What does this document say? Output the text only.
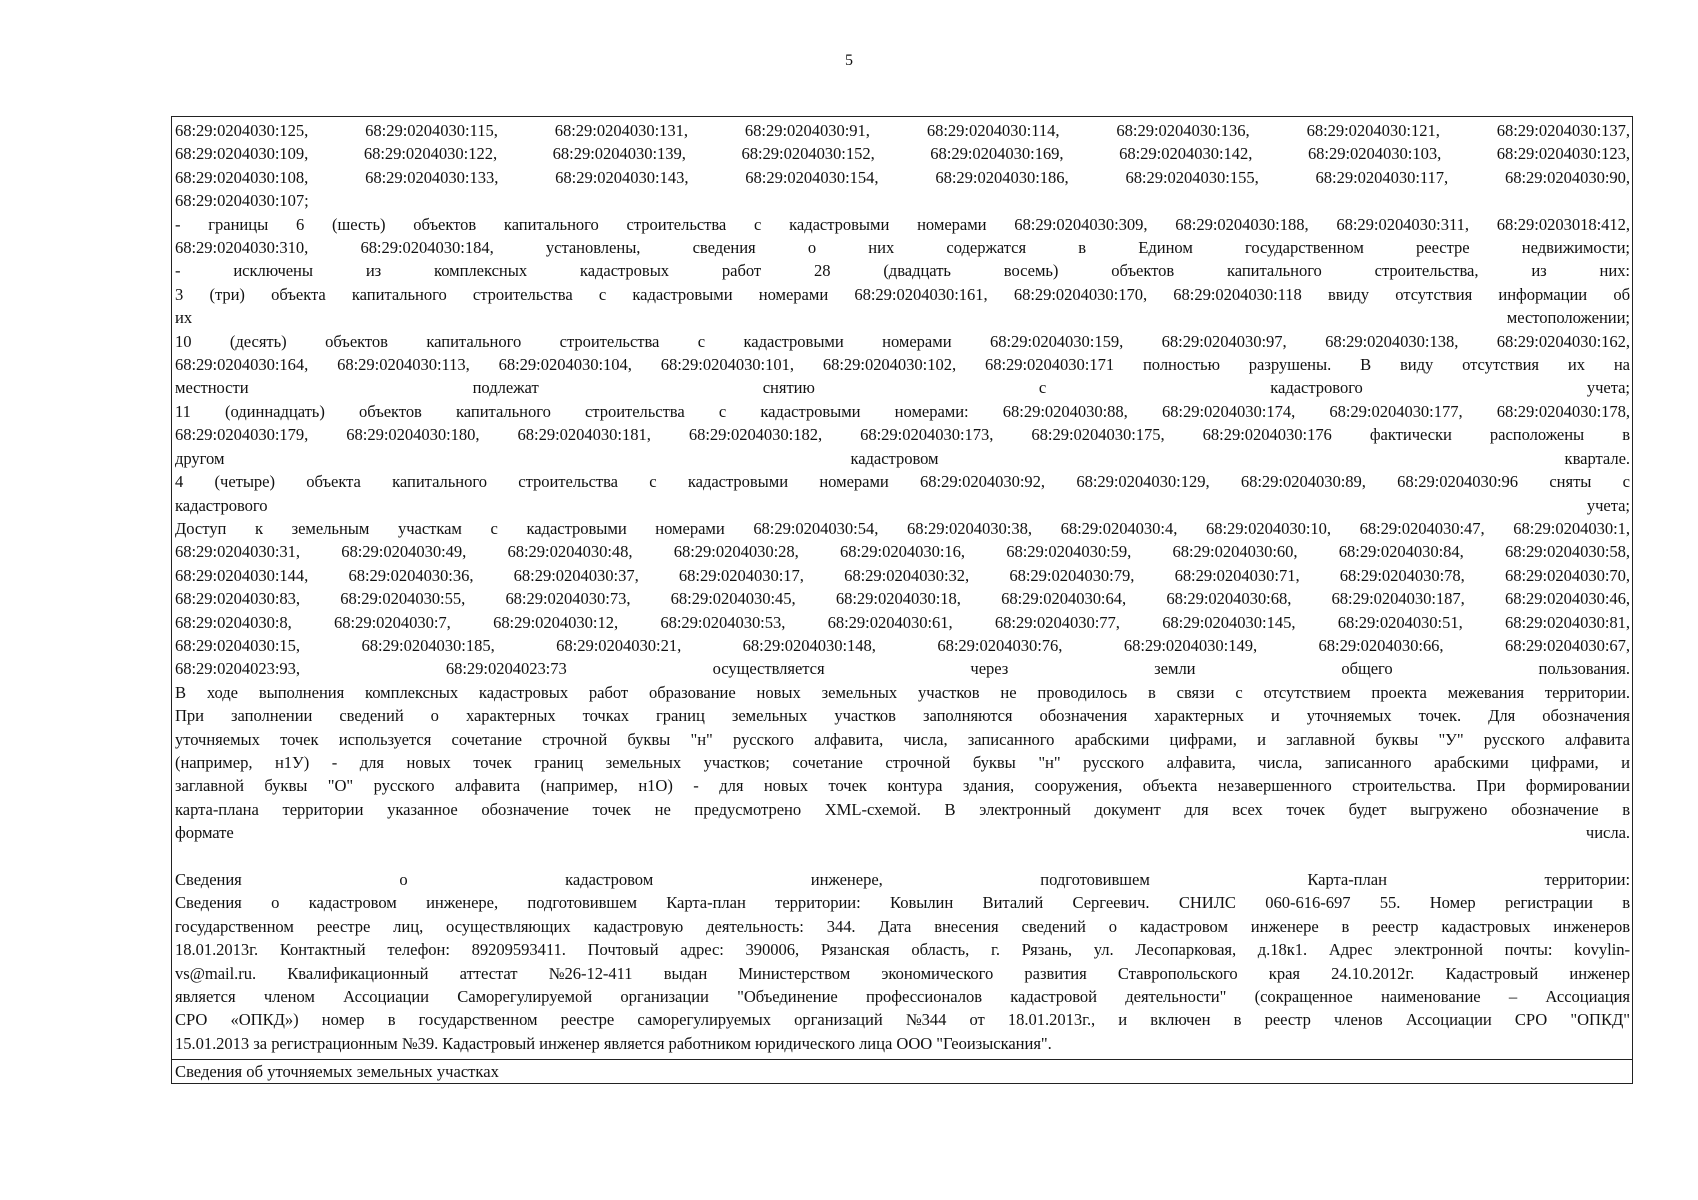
5
68:29:0204030:125, 68:29:0204030:115, 68:29:0204030:131, 68:29:0204030:91, 68:29:0204030:114, 68:29:0204030:136, 68:29:0204030:121, 68:29:0204030:137,
68:29:0204030:109, 68:29:0204030:122, 68:29:0204030:139, 68:29:0204030:152, 68:29:0204030:169, 68:29:0204030:142, 68:29:0204030:103, 68:29:0204030:123,
68:29:0204030:108, 68:29:0204030:133, 68:29:0204030:143, 68:29:0204030:154, 68:29:0204030:186, 68:29:0204030:155, 68:29:0204030:117, 68:29:0204030:90,
68:29:0204030:107;
- границы 6 (шесть) объектов капитального строительства с кадастровыми номерами 68:29:0204030:309, 68:29:0204030:188, 68:29:0204030:311, 68:29:0203018:412,
68:29:0204030:310, 68:29:0204030:184, установлены, сведения о них содержатся в Едином государственном реестре недвижимости;
- исключены из комплексных кадастровых работ 28 (двадцать восемь) объектов капитального строительства, из них:
3 (три) объекта капитального строительства с кадастровыми номерами 68:29:0204030:161, 68:29:0204030:170, 68:29:0204030:118 ввиду отсутствия информации об
их местоположении;
10 (десять) объектов капитального строительства с кадастровыми номерами 68:29:0204030:159, 68:29:0204030:97, 68:29:0204030:138, 68:29:0204030:162,
68:29:0204030:164, 68:29:0204030:113, 68:29:0204030:104, 68:29:0204030:101, 68:29:0204030:102, 68:29:0204030:171 полностью разрушены. В виду отсутствия их на
местности подлежат снятию с кадастрового учета;
11 (одиннадцать) объектов капитального строительства с кадастровыми номерами: 68:29:0204030:88, 68:29:0204030:174, 68:29:0204030:177, 68:29:0204030:178,
68:29:0204030:179, 68:29:0204030:180, 68:29:0204030:181, 68:29:0204030:182, 68:29:0204030:173, 68:29:0204030:175, 68:29:0204030:176 фактически расположены в
другом кадастровом квартале.
4 (четыре) объекта капитального строительства с кадастровыми номерами 68:29:0204030:92, 68:29:0204030:129, 68:29:0204030:89, 68:29:0204030:96 сняты с
кадастрового учета;
Доступ к земельным участкам с кадастровыми номерами 68:29:0204030:54, 68:29:0204030:38, 68:29:0204030:4, 68:29:0204030:10, 68:29:0204030:47, 68:29:0204030:1,
68:29:0204030:31, 68:29:0204030:49, 68:29:0204030:48, 68:29:0204030:28, 68:29:0204030:16, 68:29:0204030:59, 68:29:0204030:60, 68:29:0204030:84, 68:29:0204030:58,
68:29:0204030:144, 68:29:0204030:36, 68:29:0204030:37, 68:29:0204030:17, 68:29:0204030:32, 68:29:0204030:79, 68:29:0204030:71, 68:29:0204030:78, 68:29:0204030:70,
68:29:0204030:83, 68:29:0204030:55, 68:29:0204030:73, 68:29:0204030:45, 68:29:0204030:18, 68:29:0204030:64, 68:29:0204030:68, 68:29:0204030:187, 68:29:0204030:46,
68:29:0204030:8, 68:29:0204030:7, 68:29:0204030:12, 68:29:0204030:53, 68:29:0204030:61, 68:29:0204030:77, 68:29:0204030:145, 68:29:0204030:51, 68:29:0204030:81,
68:29:0204030:15, 68:29:0204030:185, 68:29:0204030:21, 68:29:0204030:148, 68:29:0204030:76, 68:29:0204030:149, 68:29:0204030:66, 68:29:0204030:67,
68:29:0204023:93, 68:29:0204023:73 осуществляется через земли общего пользования.
В ходе выполнения комплексных кадастровых работ образование новых земельных участков не проводилось в связи с отсутствием проекта межевания территории.
При заполнении сведений о характерных точках границ земельных участков заполняются обозначения характерных и уточняемых точек. Для обозначения
уточняемых точек используется сочетание строчной буквы "н" русского алфавита, числа, записанного арабскими цифрами, и заглавной буквы "У" русского алфавита
(например, н1У) - для новых точек границ земельных участков; сочетание строчной буквы "н" русского алфавита, числа, записанного арабскими цифрами, и
заглавной буквы "О" русского алфавита (например, н1О) - для новых точек контура здания, сооружения, объекта незавершенного строительства. При формировании
карта-плана территории указанное обозначение точек не предусмотрено XML-схемой. В электронный документ для всех точек будет выгружено обозначение в
формате числа.
Сведения о кадастровом инженере, подготовившем Карта-план территории:
Сведения о кадастровом инженере, подготовившем Карта-план территории: Ковылин Виталий Сергеевич. СНИЛС 060-616-697 55. Номер регистрации в
государственном реестре лиц, осуществляющих кадастровую деятельность: 344. Дата внесения сведений о кадастровом инженере в реестр кадастровых инженеров
18.01.2013г. Контактный телефон: 89209593411. Почтовый адрес: 390006, Рязанская область, г. Рязань, ул. Лесопарковая, д.18к1. Адрес электронной почты: kovylin-
vs@mail.ru. Квалификационный аттестат №26-12-411 выдан Министерством экономического развития Ставропольского края 24.10.2012г. Кадастровый инженер
является членом Ассоциации Саморегулируемой организации "Объединение профессионалов кадастровой деятельности" (сокращенное наименование – Ассоциация
СРО «ОПКД») номер в государственном реестре саморегулируемых организаций №344 от 18.01.2013г., и включен в реестр членов Ассоциации СРО "ОПКД"
15.01.2013 за регистрационным №39. Кадастровый инженер является работником юридического лица ООО "Геоизыскания".
Сведения об уточняемых земельных участках
